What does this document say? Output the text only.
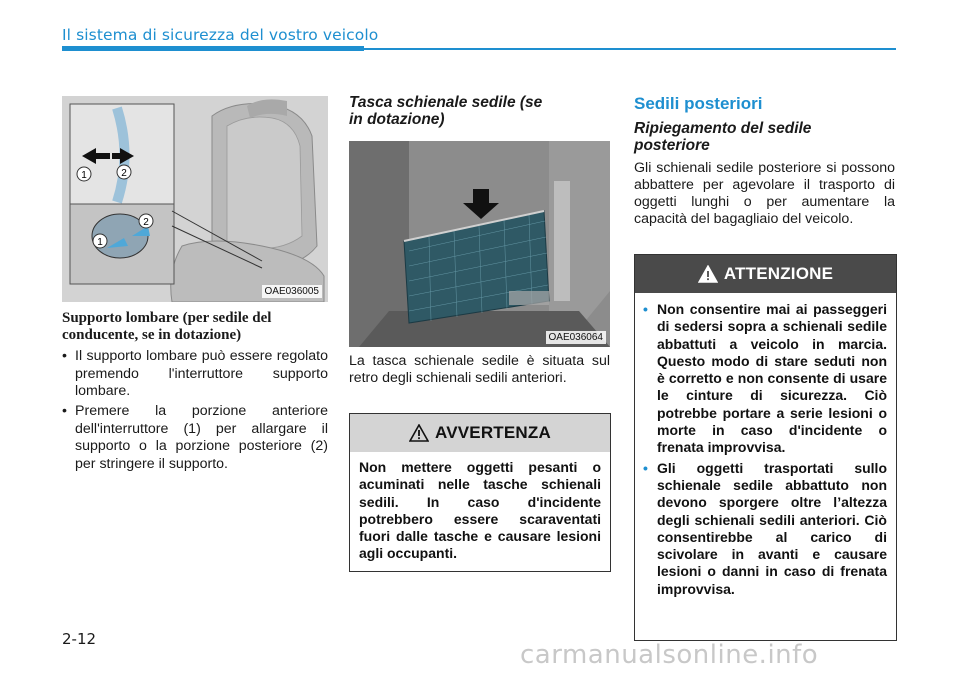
Il sistema di sicurezza del vostro veicolo
1	2
1
2
OAE036005
Supporto lombare (per sedile del conducente, se in dotazione)
• Il supporto lombare può essere regolato premendo l'interruttore supporto lombare.
• Premere la porzione anteriore dell'interruttore (1) per allargare il supporto o la porzione posteriore (2) per stringere il supporto.
Tasca schienale sedile (se in dotazione)
OAE036064
La tasca schienale sedile è situata sul retro degli schienali sedili anteriori.
AVVERTENZA
Non mettere oggetti pesanti o acuminati nelle tasche schienali sedili. In caso d'incidente potrebbero essere scaraventati fuori dalle tasche e causare lesioni agli occupanti.
Sedili posteriori
Ripiegamento del sedile posteriore
Gli schienali sedile posteriore si possono abbattere per agevolare il trasporto di oggetti lunghi o per aumentare la capacità del bagagliaio del veicolo.
ATTENZIONE
• Non consentire mai ai passeggeri di sedersi sopra a schienali sedile abbattuti a veicolo in marcia. Questo modo di stare seduti non è corretto e non consente di usare le cinture di sicurezza. Ciò potrebbe portare a serie lesioni o morte in caso d'incidente o frenata improvvisa.
• Gli oggetti trasportati sullo schienale sedile abbattuto non devono sporgere oltre l’altezza degli schienali sedili anteriori. Ciò consentirebbe al carico di scivolare in avanti e causare lesioni o danni in caso di frenata improvvisa.
2-12
carmanualsonline.info
